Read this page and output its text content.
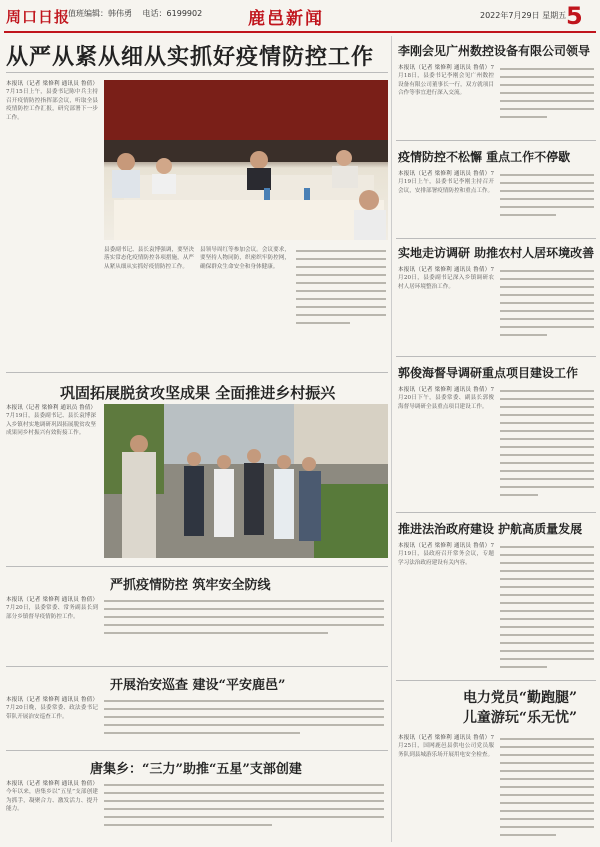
周口日报
值班编辑：韩伟勇 电话：6199902	鹿邑新闻	2022年7月29日 星期五 5
从严从紧从细从实抓好疫情防控工作
本报讯（记者 梁修利 通讯员 鲁倩）7月15日上午，县委书记陈中兵主持召开疫情防控指挥部会议，听取全县疫情防控工作汇报，研究部署下一步工作。
县委副书记、县长袁博强调，要坚决落实常态化疫情防控各项措施，从严从紧从细从实抓好疫情防控工作。
县领导周红等参加会议。会议要求，要坚持人物同防，织密织牢防控网，确保群众生命安全和身体健康。
巩固拓展脱贫攻坚成果 全面推进乡村振兴
本报讯（记者 梁修利 通讯员 鲁倩）7月19日，县委副书记、县长袁博深入乡镇村实地调研巩固拓展脱贫攻坚成果同乡村振兴有效衔接工作。
严抓疫情防控 筑牢安全防线
本报讯（记者 梁修利 通讯员 鲁倩）7月20日，县委常委、常务副县长到部分乡镇督导疫情防控工作。
开展治安巡查 建设“平安鹿邑”
本报讯（记者 梁修利 通讯员 鲁倩）7月20日晚，县委常委、政法委书记带队开展治安巡查工作。
唐集乡：“三力”助推“五星”支部创建
本报讯（记者 梁修利 通讯员 鲁倩）今年以来，唐集乡以“五星”支部创建为抓手，凝聚合力、激发活力、提升能力。
李刚会见广州数控设备有限公司领导
本报讯（记者 梁修利 通讯员 鲁倩）7月18日，县委书记李刚会见广州数控设备有限公司董事长一行，双方就项目合作等事宜进行深入交流。
疫情防控不松懈 重点工作不停歇
本报讯（记者 梁修利 通讯员 鲁倩）7月19日上午，县委书记李刚主持召开会议，安排部署疫情防控和重点工作。
实地走访调研 助推农村人居环境改善
本报讯（记者 梁修利 通讯员 鲁倩）7月20日，县委副书记深入乡镇调研农村人居环境整治工作。
郭俊海督导调研重点项目建设工作
本报讯（记者 梁修利 通讯员 鲁倩）7月20日下午，县委常委、副县长郭俊海督导调研全县重点项目建设工作。
推进法治政府建设 护航高质量发展
本报讯（记者 梁修利 通讯员 鲁倩）7月19日，县政府召开常务会议，专题学习法治政府建设有关内容。
电力党员“勤跑腿”
儿童游玩“乐无忧”
本报讯（记者 梁修利 通讯员 鲁倩）7月25日，国网鹿邑县供电公司党员服务队到县城游乐场开展用电安全检查。
